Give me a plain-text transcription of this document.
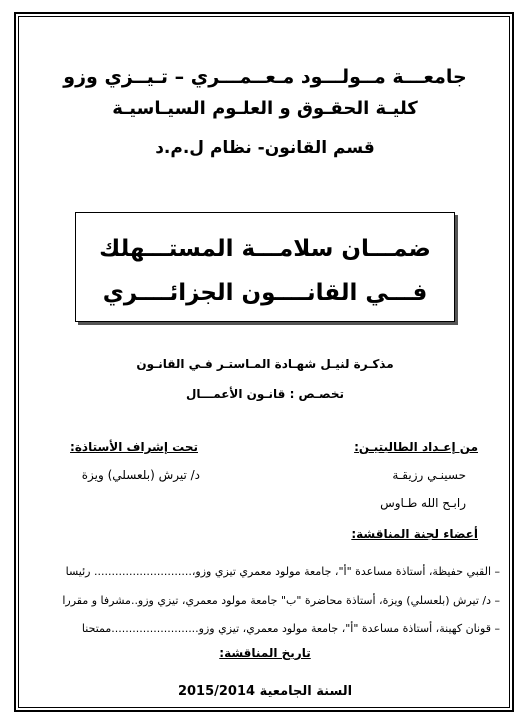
جامعـــة مــولـــود مـعــمـــري – تـيــزي وزو
كليـة الحقـوق و العلـوم السيـاسيـة
قسم القانون- نظام ل.م.د
ضمـــان سلامـــة المستـــهلك
فـــي القانــــون الجزائــــري
مذكـرة لنيـل شهـادة المـاستـر فـي القانـون
تخصـص : قانـون الأعمـــال
من إعـداد الطالبتيـن:
تحت إشراف الأستاذة:
حسينـي رزيقـة
د/ تيرش (بلعسلي) ويزة
رابـح الله طـاوس
أعضاء لجنة المناقشة:
– القبي حفيظة، أستاذة مساعدة "أ"، جامعة مولود معمري تيزي وزو،............................ رئيسا
– د/ تيرش (بلعسلي) ويزة، أستاذة محاضرة "ب" جامعة مولود معمري، تيزي وزو..مشرفا و مقررا
– قونان كهينة، أستاذة مساعدة "أ"، جامعة مولود معمري، تيزي وزو.........................ممتحنا
تاريخ المناقشة:
السنة الجامعية 2015/2014
